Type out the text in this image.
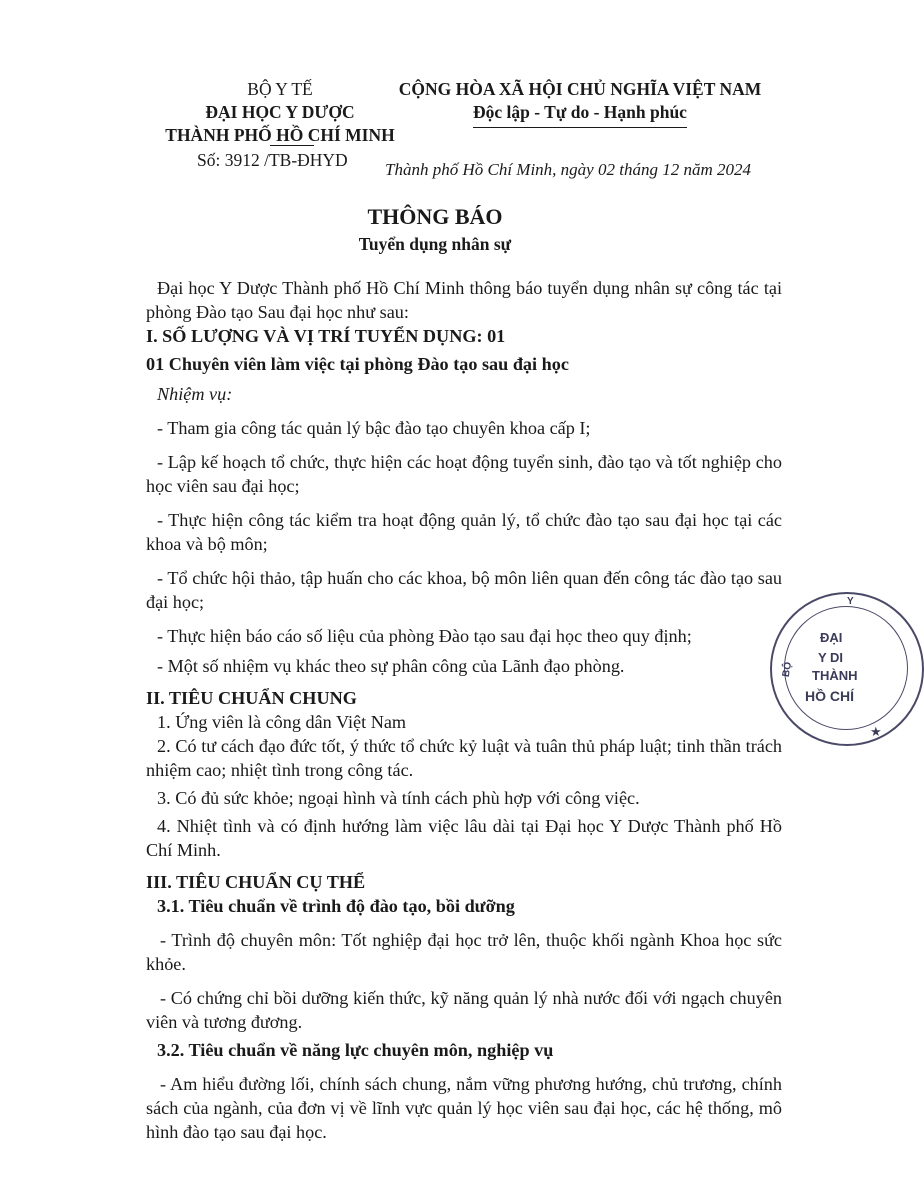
BỘ Y TẾ
ĐẠI HỌC Y DƯỢC
THÀNH PHỐ HỒ CHÍ MINH
Số: 3912 /TB-ĐHYD
CỘNG HÒA XÃ HỘI CHỦ NGHĨA VIỆT NAM
Độc lập - Tự do - Hạnh phúc
Thành phố Hồ Chí Minh, ngày 02 tháng 12 năm 2024
THÔNG BÁO
Tuyển dụng nhân sự

Đại học Y Dược Thành phố Hồ Chí Minh thông báo tuyển dụng nhân sự công tác tại phòng Đào tạo Sau đại học như sau:

I. SỐ LƯỢNG VÀ VỊ TRÍ TUYỂN DỤNG: 01

01 Chuyên viên làm việc tại phòng Đào tạo sau đại học

Nhiệm vụ:

- Tham gia công tác quản lý bậc đào tạo chuyên khoa cấp I;

- Lập kế hoạch tổ chức, thực hiện các hoạt động tuyển sinh, đào tạo và tốt nghiệp cho học viên sau đại học;

- Thực hiện công tác kiểm tra hoạt động quản lý, tổ chức đào tạo sau đại học tại các khoa và bộ môn;

- Tổ chức hội thảo, tập huấn cho các khoa, bộ môn liên quan đến công tác đào tạo sau đại học;

- Thực hiện báo cáo số liệu của phòng Đào tạo sau đại học theo quy định;

- Một số nhiệm vụ khác theo sự phân công của Lãnh đạo phòng.

II. TIÊU CHUẨN CHUNG

1. Ứng viên là công dân Việt Nam

2. Có tư cách đạo đức tốt, ý thức tổ chức kỷ luật và tuân thủ pháp luật; tinh thần trách nhiệm cao; nhiệt tình trong công tác.

3. Có đủ sức khỏe; ngoại hình và tính cách phù hợp với công việc.

4. Nhiệt tình và có định hướng làm việc lâu dài tại Đại học Y Dược Thành phố Hồ Chí Minh.

III. TIÊU CHUẨN CỤ THỂ

3.1. Tiêu chuẩn về trình độ đào tạo, bồi dưỡng

- Trình độ chuyên môn: Tốt nghiệp đại học trở lên, thuộc khối ngành Khoa học sức khỏe.

- Có chứng chỉ bồi dưỡng kiến thức, kỹ năng quản lý nhà nước đối với ngạch chuyên viên và tương đương.

3.2. Tiêu chuẩn về năng lực chuyên môn, nghiệp vụ

- Am hiểu đường lối, chính sách chung, nắm vững phương hướng, chủ trương, chính sách của ngành, của đơn vị về lĩnh vực quản lý học viên sau đại học, các hệ thống, mô hình đào tạo sau đại học.

Y
ĐẠI
Y DI
THÀNH
HỒ CHÍ
BỘ
★
